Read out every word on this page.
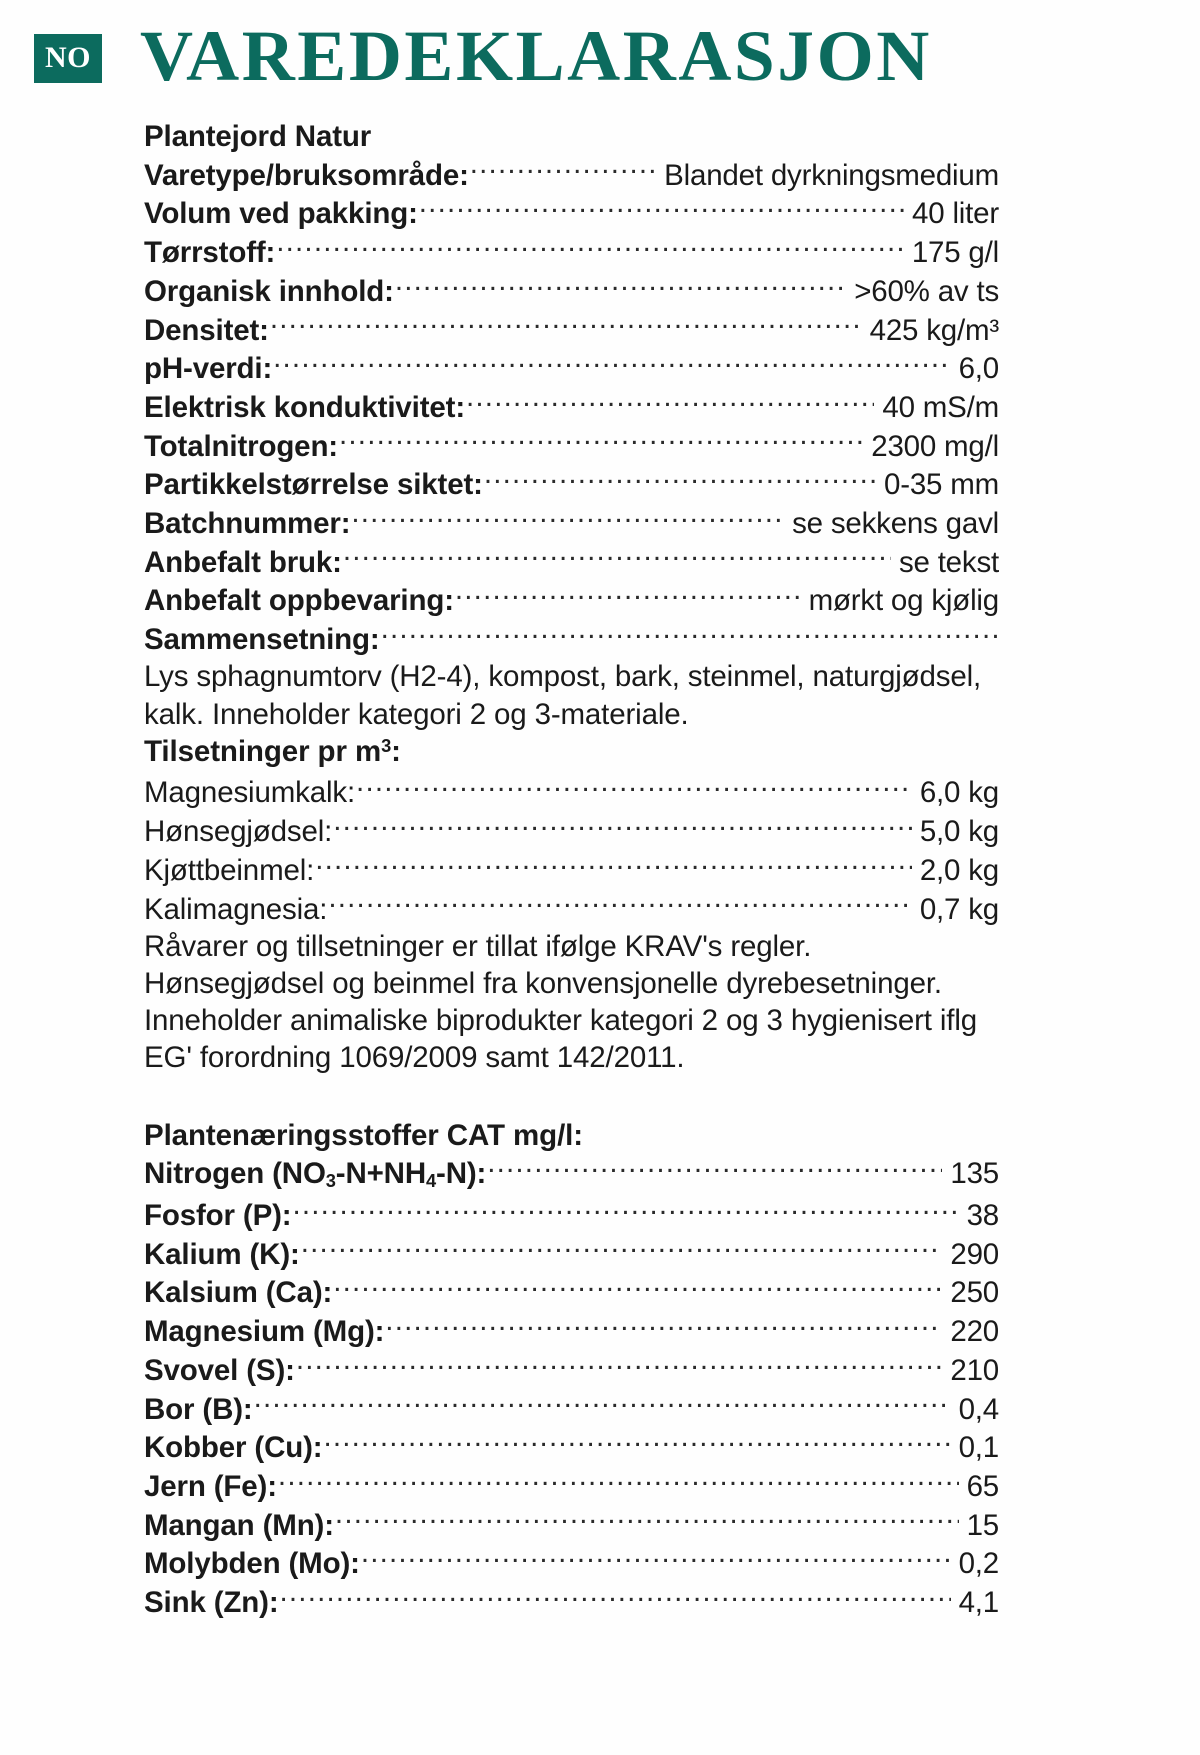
NO VAREDEKLARASJON
Plantejord Natur
Varetype/bruksområde: .....	Blandet dyrkningsmedium
Volum ved pakking: .....	40 liter
Tørrstoff: .....	175 g/l
Organisk innhold: .....	>60% av ts
Densitet: .....	425 kg/m³
pH-verdi: .....	6,0
Elektrisk konduktivitet: .....	40 mS/m
Totalnitrogen: .....	2300 mg/l
Partikkelstørrelse siktet: .....	0-35 mm
Batchnummer: .....	se sekkens gavl
Anbefalt bruk: .....	se tekst
Anbefalt oppbevaring: .....	mørkt og kjølig
Sammensetning:
.....
Lys sphagnumtorv (H2-4), kompost, bark, steinmel, naturgjødsel,
kalk. Inneholder kategori 2 og 3-materiale.
Tilsetninger pr $m^3$:
Magnesiumkalk: .....	6,0 kg
Hønsegjødsel: .....	5,0 kg
Kjøttbeinmel: .....	2,0 kg
Kalimagnesia: .....	0,7 kg
Råvarer og tillsetninger er tillat ifølge KRAV's regler.
Hønsegjødsel og beinmel fra konvensjonelle dyrebesetninger.
Inneholder animaliske biprodukter kategori 2 og 3 hygienisert iflg
EG' forordning 1069/2009 samt 142/2011.
Plantenæringsstoffer CAT mg/l:
Nitrogen $(NO_3-N+NH_4-N)$: .....	135
Fosfor (P): .....	38
Kalium (K): .....	290
Kalsium (Ca): .....	250
Magnesium (Mg): .....	220
Svovel (S): .....	210
Bor (B): .....	0,4
Kobber (Cu): .....	0,1
Jern (Fe): .....	65
Mangan (Mn): .....	15
Molybden (Mo): .....	0,2
Sink (Zn): .....	4,1
